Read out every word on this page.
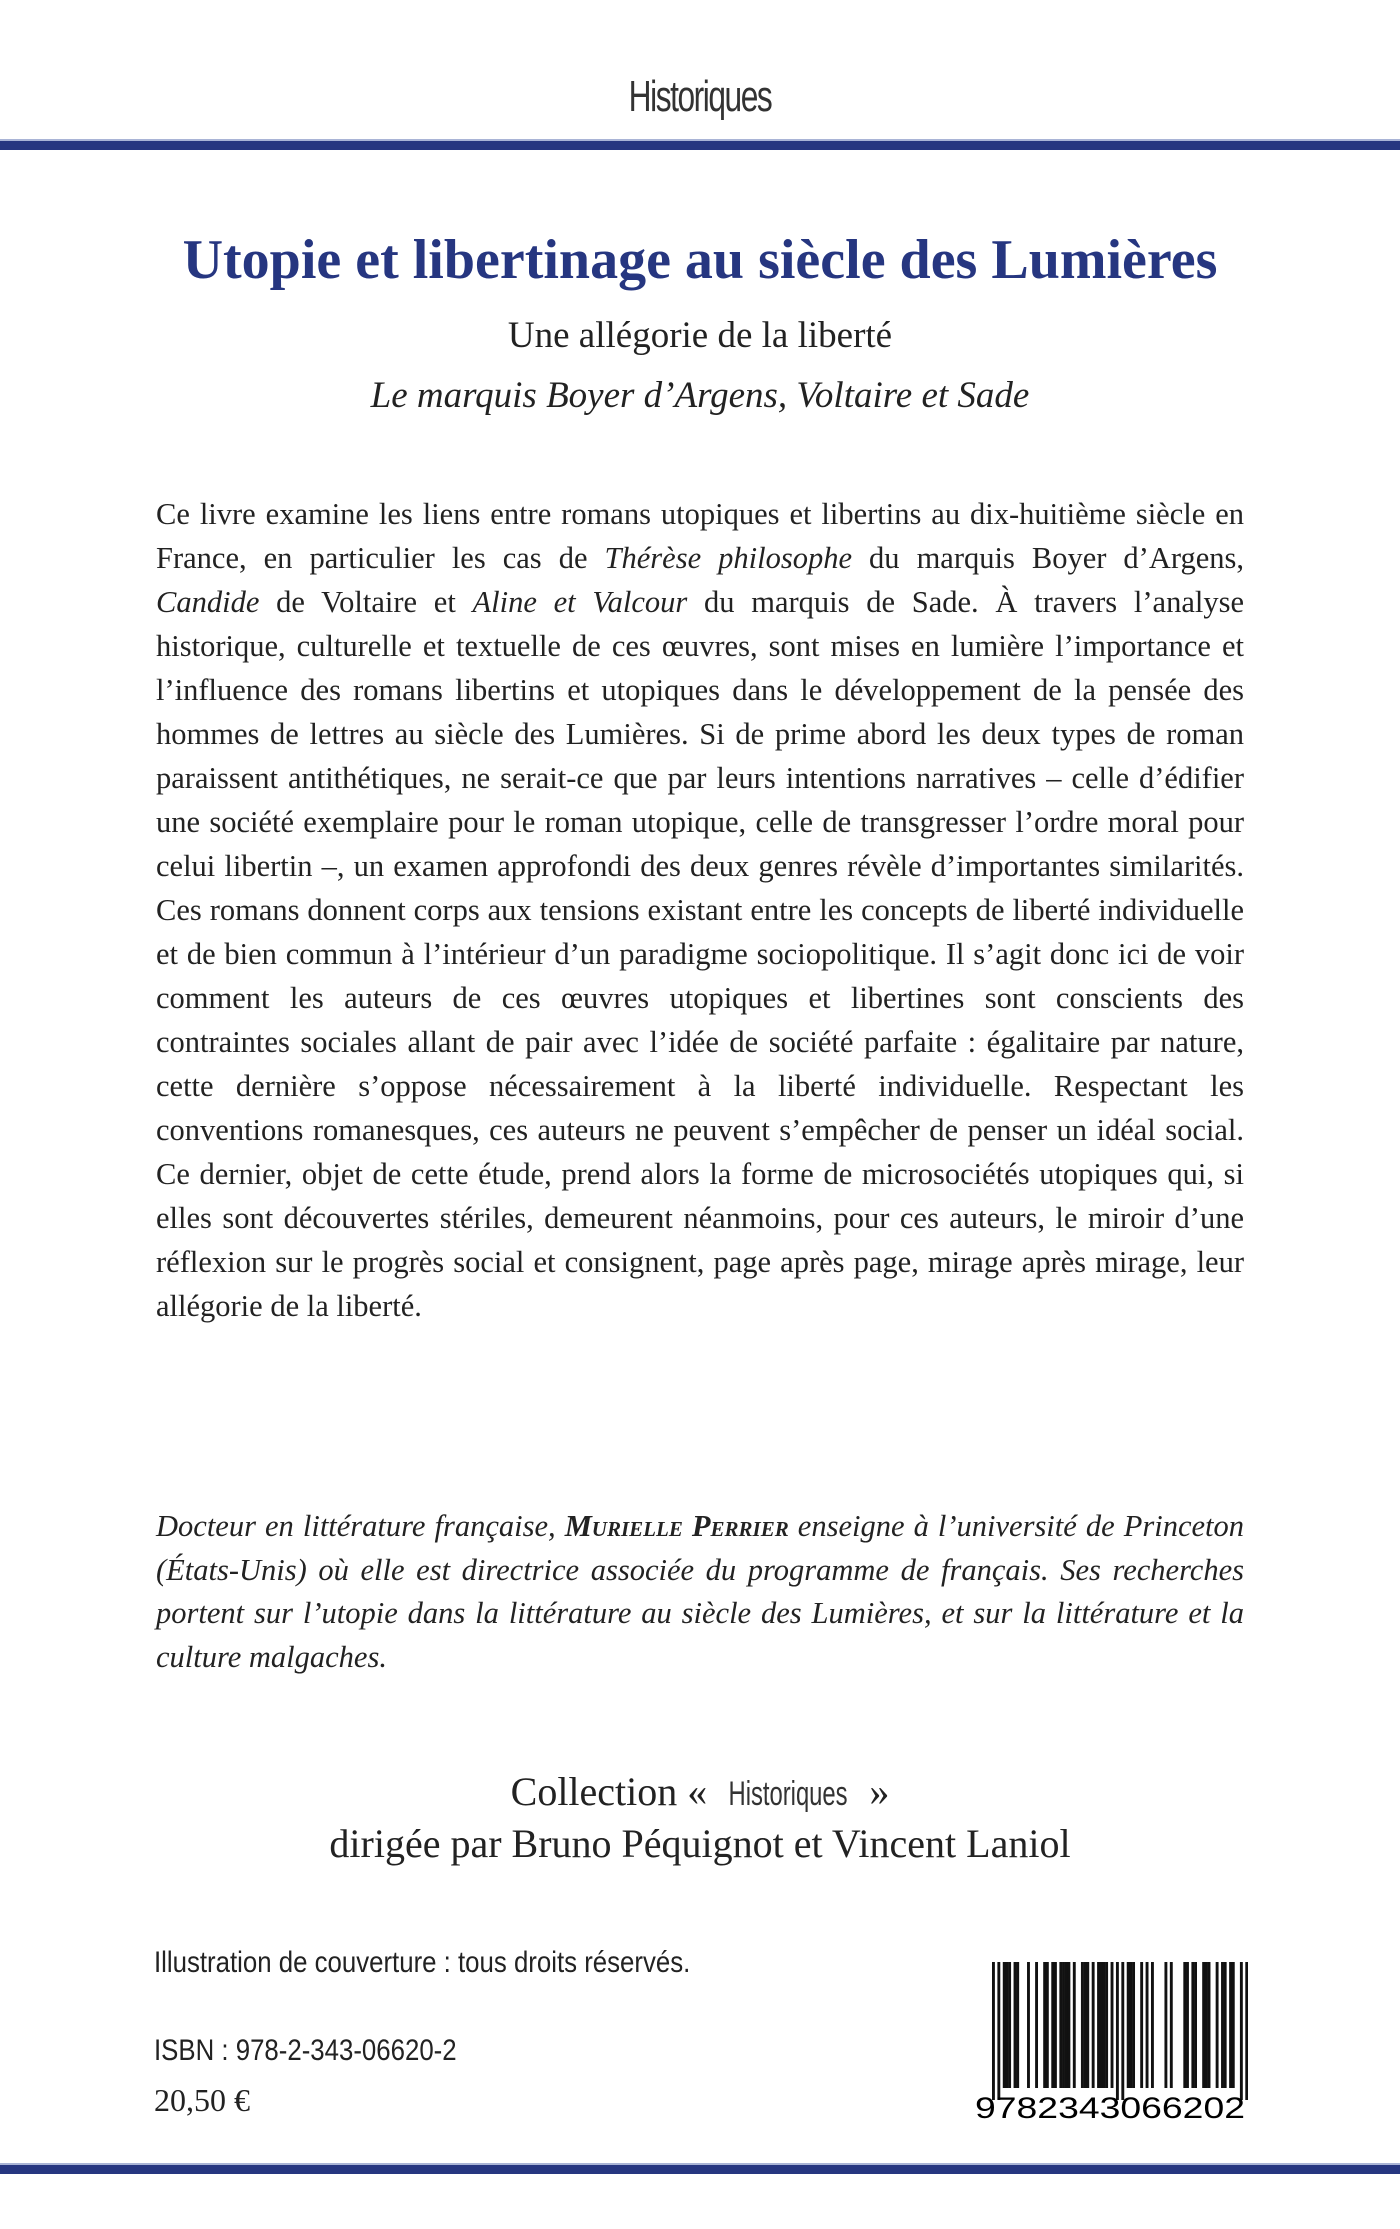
Historiques
Utopie et libertinage au siècle des Lumières
Une allégorie de la liberté
Le marquis Boyer d’Argens, Voltaire et Sade
Ce livre examine les liens entre romans utopiques et libertins au dix-huitième siècle en France, en particulier les cas de Thérèse philosophe du marquis Boyer d’Argens, Candide de Voltaire et Aline et Valcour du marquis de Sade. À travers l’analyse historique, culturelle et textuelle de ces œuvres, sont mises en lumière l’importance et l’influence des romans libertins et utopiques dans le développement de la pensée des hommes de lettres au siècle des Lumières. Si de prime abord les deux types de roman paraissent antithétiques, ne serait-ce que par leurs intentions narratives – celle d’édifier une société exemplaire pour le roman utopique, celle de transgresser l’ordre moral pour celui libertin –, un examen approfondi des deux genres révèle d’importantes similarités. Ces romans donnent corps aux tensions existant entre les concepts de liberté individuelle et de bien commun à l’intérieur d’un paradigme sociopolitique. Il s’agit donc ici de voir comment les auteurs de ces œuvres utopiques et libertines sont conscients des contraintes sociales allant de pair avec l’idée de société parfaite : égalitaire par nature, cette dernière s’oppose nécessairement à la liberté individuelle. Respectant les conventions romanesques, ces auteurs ne peuvent s’empêcher de penser un idéal social. Ce dernier, objet de cette étude, prend alors la forme de microsociétés utopiques qui, si elles sont découvertes stériles, demeurent néanmoins, pour ces auteurs, le miroir d’une réflexion sur le progrès social et consignent, page après page, mirage après mirage, leur allégorie de la liberté.
Docteur en littérature française, Murielle Perrier enseigne à l’université de Princeton (États-Unis) où elle est directrice associée du programme de français. Ses recherches portent sur l’utopie dans la littérature au siècle des Lumières, et sur la littérature et la culture malgaches.
Collection « Historiques »
dirigée par Bruno Péquignot et Vincent Laniol
Illustration de couverture : tous droits réservés.
ISBN : 978-2-343-06620-2
20,50 €	9782343066202
